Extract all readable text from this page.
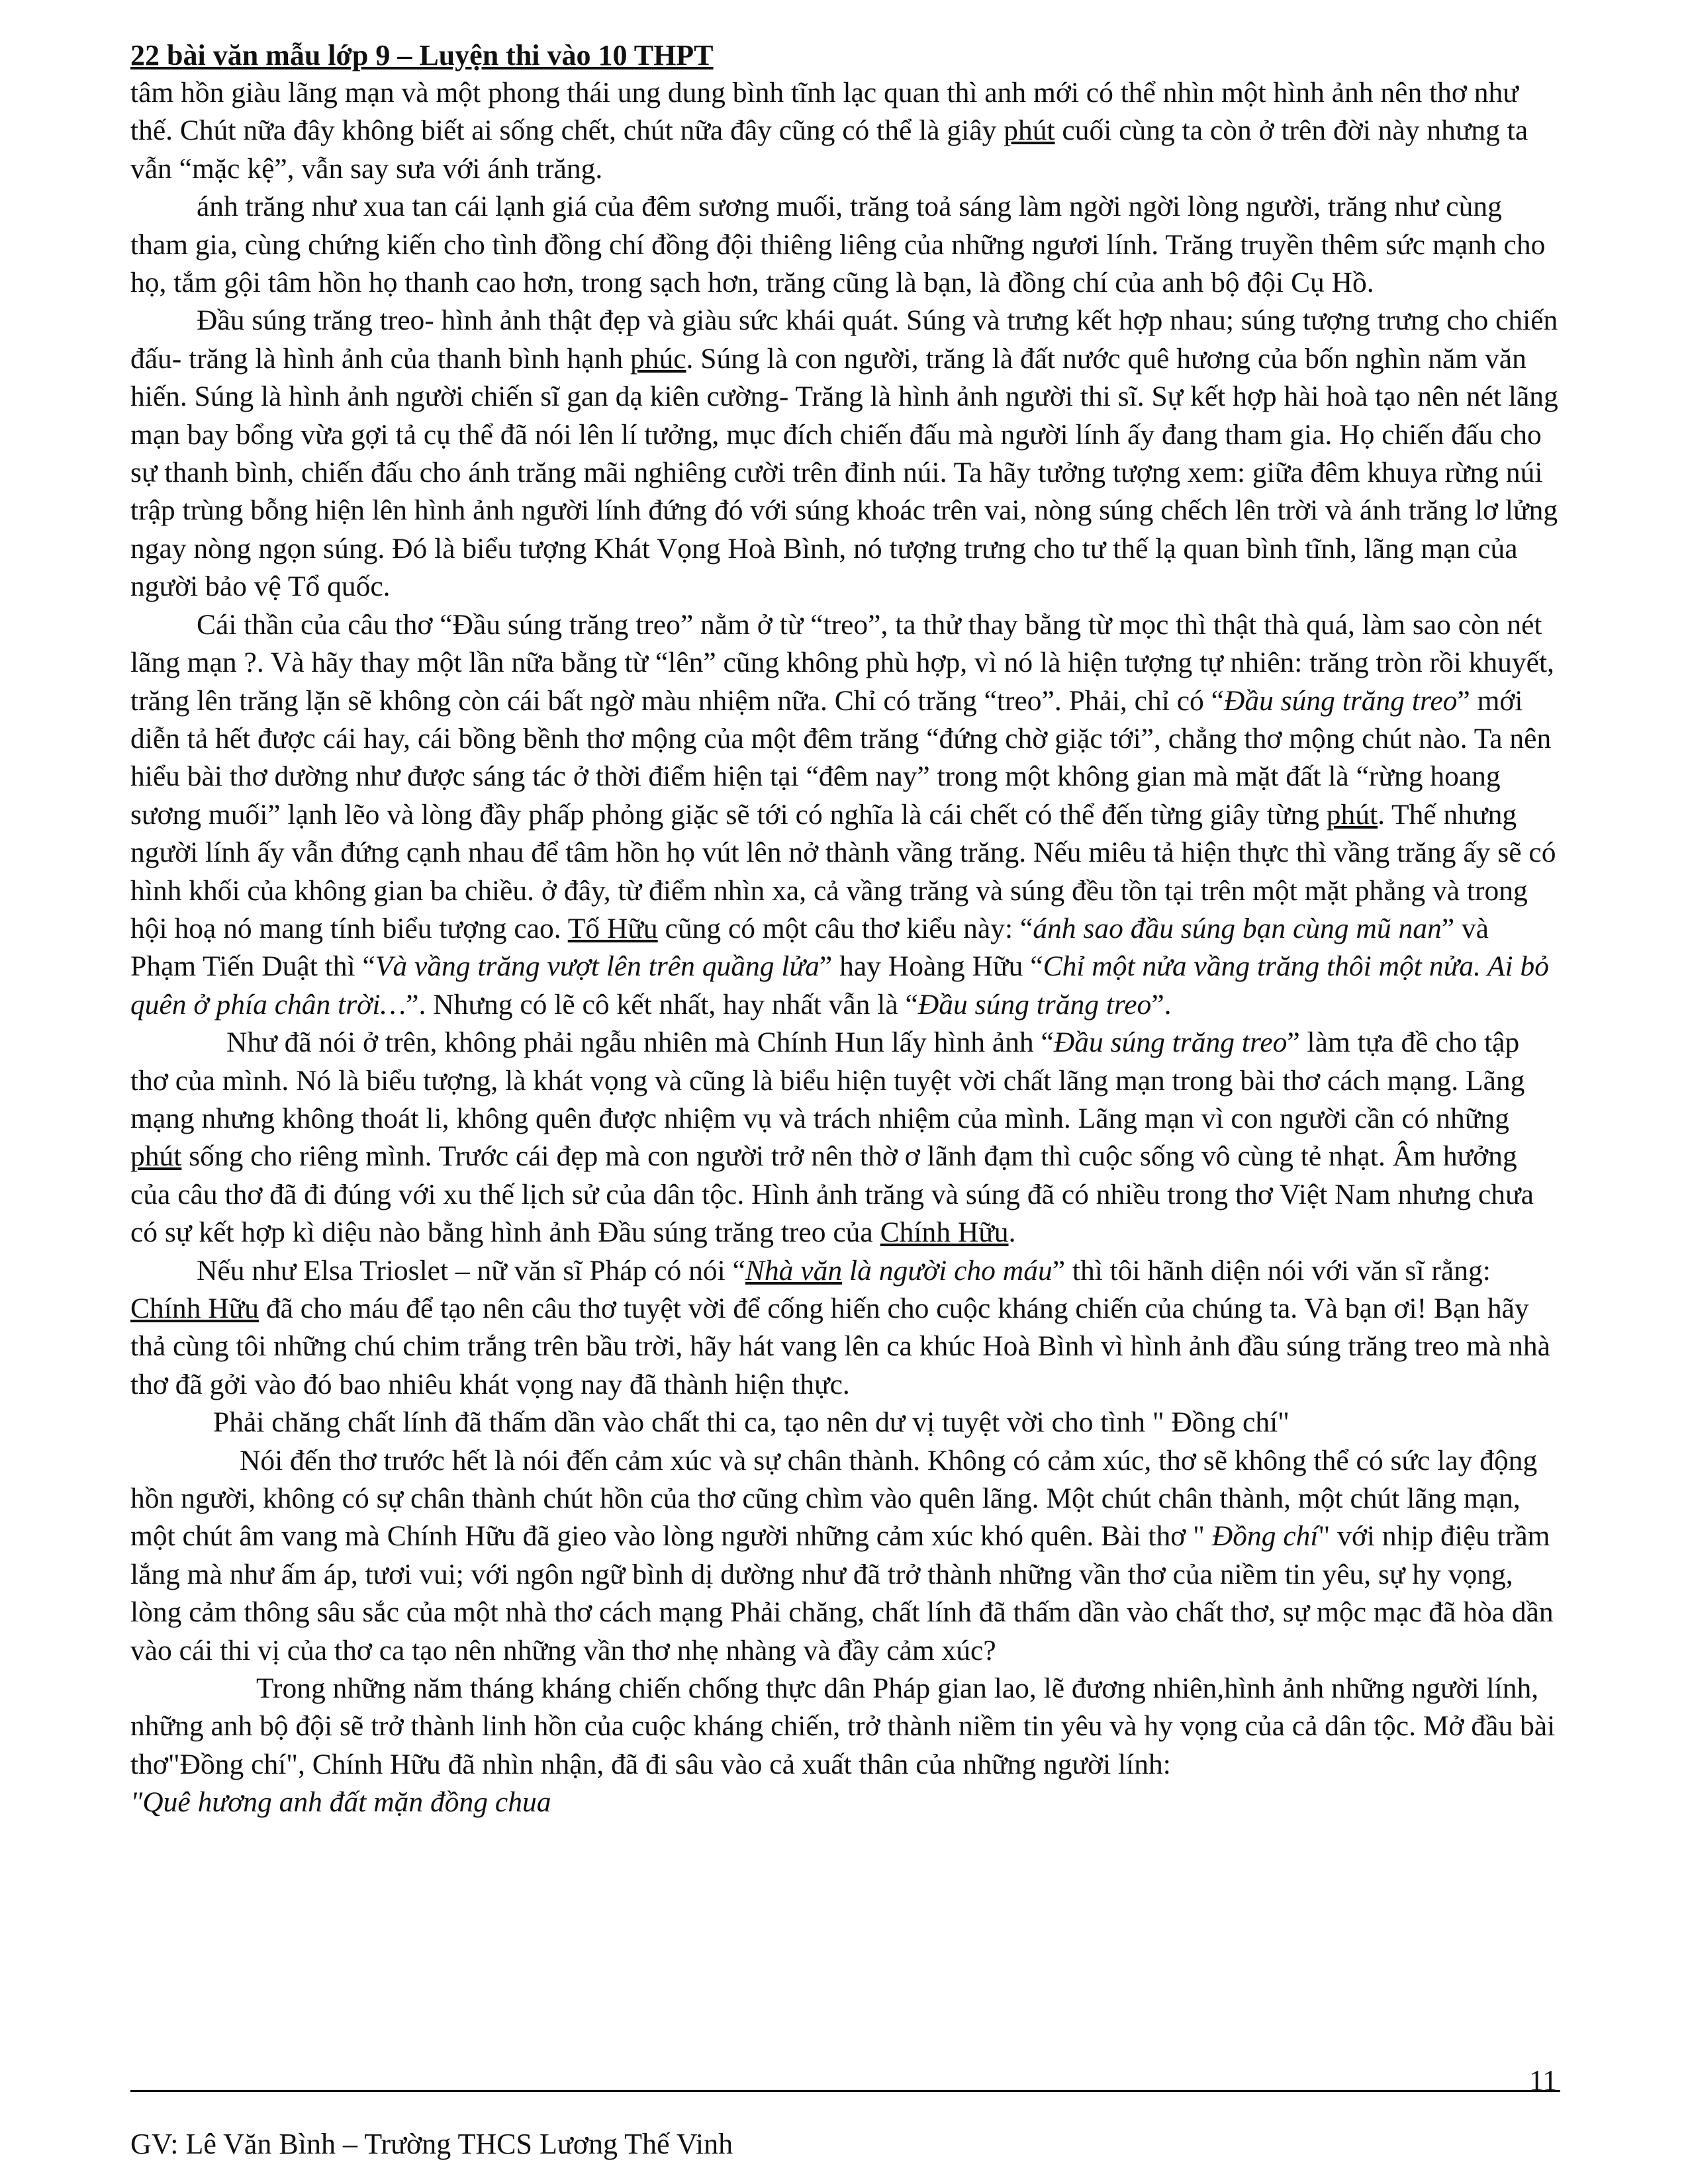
22 bài văn mẫu lớp 9 – Luyện thi vào 10 THPT

tâm hồn giàu lãng mạn và một phong thái ung dung bình tĩnh lạc quan thì anh mới có thể nhìn một hình ảnh nên thơ như thế. Chút nữa đây không biết ai sống chết, chút nữa đây cũng có thể là giây phút cuối cùng ta còn ở trên đời này nhưng ta vẫn “mặc kệ”, vẫn say sưa với ánh trăng.

ánh trăng như xua tan cái lạnh giá của đêm sương muối, trăng toả sáng làm ngời ngời lòng người, trăng như cùng tham gia, cùng chứng kiến cho tình đồng chí đồng đội thiêng liêng của những ngươi lính. Trăng truyền thêm sức mạnh cho họ, tắm gội tâm hồn họ thanh cao hơn, trong sạch hơn, trăng cũng là bạn, là đồng chí của anh bộ đội Cụ Hồ.

Đầu súng trăng treo- hình ảnh thật đẹp và giàu sức khái quát. Súng và trưng kết hợp nhau; súng tượng trưng cho chiến đấu- trăng là hình ảnh của thanh bình hạnh phúc. Súng là con người, trăng là đất nước quê hương của bốn nghìn năm văn hiến. Súng là hình ảnh người chiến sĩ gan dạ kiên cường- Trăng là hình ảnh người thi sĩ. Sự kết hợp hài hoà tạo nên nét lãng mạn bay bổng vừa gợi tả cụ thể đã nói lên lí tưởng, mục đích chiến đấu mà người lính ấy đang tham gia. Họ chiến đấu cho sự thanh bình, chiến đấu cho ánh trăng mãi nghiêng cười trên đỉnh núi. Ta hãy tưởng tượng xem: giữa đêm khuya rừng núi trập trùng bỗng hiện lên hình ảnh người lính đứng đó với súng khoác trên vai, nòng súng chếch lên trời và ánh trăng lơ lửng ngay nòng ngọn súng. Đó là biểu tượng Khát Vọng Hoà Bình, nó tượng trưng cho tư thế lạ quan bình tĩnh, lãng mạn của người bảo vệ Tổ quốc.

Cái thần của câu thơ “Đầu súng trăng treo” nằm ở từ “treo”, ta thử thay bằng từ mọc thì thật thà quá, làm sao còn nét lãng mạn ?. Và hãy thay một lần nữa bằng từ “lên” cũng không phù hợp, vì nó là hiện tượng tự nhiên: trăng tròn rồi khuyết, trăng lên trăng lặn sẽ không còn cái bất ngờ màu nhiệm nữa. Chỉ có trăng “treo”. Phải, chỉ có “Đầu súng trăng treo” mới diễn tả hết được cái hay, cái bồng bềnh thơ mộng của một đêm trăng “đứng chờ giặc tới”, chẳng thơ mộng chút nào. Ta nên hiểu bài thơ dường như được sáng tác ở thời điểm hiện tại “đêm nay” trong một không gian mà mặt đất là “rừng hoang sương muối” lạnh lẽo và lòng đầy phấp phỏng giặc sẽ tới có nghĩa là cái chết có thể đến từng giây từng phút. Thế nhưng người lính ấy vẫn đứng cạnh nhau để tâm hồn họ vút lên nở thành vầng trăng. Nếu miêu tả hiện thực thì vầng trăng ấy sẽ có hình khối của không gian ba chiều. ở đây, từ điểm nhìn xa, cả vầng trăng và súng đều tồn tại trên một mặt phẳng và trong hội hoạ nó mang tính biểu tượng cao. Tố Hữu cũng có một câu thơ kiểu này: “ánh sao đầu súng bạn cùng mũ nan” và Phạm Tiến Duật thì “Và vầng trăng vượt lên trên quầng lửa” hay Hoàng Hữu “Chỉ một nửa vầng trăng thôi một nửa. Ai bỏ quên ở phía chân trời…”. Nhưng có lẽ cô kết nhất, hay nhất vẫn là “Đầu súng trăng treo”.

Như đã nói ở trên, không phải ngẫu nhiên mà Chính Hun lấy hình ảnh “Đầu súng trăng treo” làm tựa đề cho tập thơ của mình. Nó là biểu tượng, là khát vọng và cũng là biểu hiện tuyệt vời chất lãng mạn trong bài thơ cách mạng. Lãng mạng nhưng không thoát li, không quên được nhiệm vụ và trách nhiệm của mình. Lãng mạn vì con người cần có những phút sống cho riêng mình. Trước cái đẹp mà con người trở nên thờ ơ lãnh đạm thì cuộc sống vô cùng tẻ nhạt. Âm hưởng của câu thơ đã đi đúng với xu thế lịch sử của dân tộc. Hình ảnh trăng và súng đã có nhiều trong thơ Việt Nam nhưng chưa có sự kết hợp kì diệu nào bằng hình ảnh Đầu súng trăng treo của Chính Hữu.

Nếu như Elsa Trioslet – nữ văn sĩ Pháp có nói “Nhà văn là người cho máu” thì tôi hãnh diện nói với văn sĩ rằng: Chính Hữu đã cho máu để tạo nên câu thơ tuyệt vời để cống hiến cho cuộc kháng chiến của chúng ta. Và bạn ơi! Bạn hãy thả cùng tôi những chú chim trắng trên bầu trời, hãy hát vang lên ca khúc Hoà Bình vì hình ảnh đầu súng trăng treo mà nhà thơ đã gởi vào đó bao nhiêu khát vọng nay đã thành hiện thực.

Phải chăng chất lính đã thấm dần vào chất thi ca, tạo nên dư vị tuyệt vời cho tình " Đồng chí"

Nói đến thơ trước hết là nói đến cảm xúc và sự chân thành. Không có cảm xúc, thơ sẽ không thể có sức lay động hồn người, không có sự chân thành chút hồn của thơ cũng chìm vào quên lãng. Một chút chân thành, một chút lãng mạn, một chút âm vang mà Chính Hữu đã gieo vào lòng người những cảm xúc khó quên. Bài thơ " Đồng chí" với nhịp điệu trầm lắng mà như ấm áp, tươi vui; với ngôn ngữ bình dị dường như đã trở thành những vần thơ của niềm tin yêu, sự hy vọng, lòng cảm thông sâu sắc của một nhà thơ cách mạng Phải chăng, chất lính đã thấm dần vào chất thơ, sự mộc mạc đã hòa dần vào cái thi vị của thơ ca tạo nên những vần thơ nhẹ nhàng và đầy cảm xúc?

Trong những năm tháng kháng chiến chống thực dân Pháp gian lao, lẽ đương nhiên,hình ảnh những người lính, những anh bộ đội sẽ trở thành linh hồn của cuộc kháng chiến, trở thành niềm tin yêu và hy vọng của cả dân tộc. Mở đầu bài thơ"Đồng chí", Chính Hữu đã nhìn nhận, đã đi sâu vào cả xuất thân của những người lính:

"Quê hương anh đất mặn đồng chua

11
GV: Lê Văn Bình – Trường THCS Lương Thế Vinh
